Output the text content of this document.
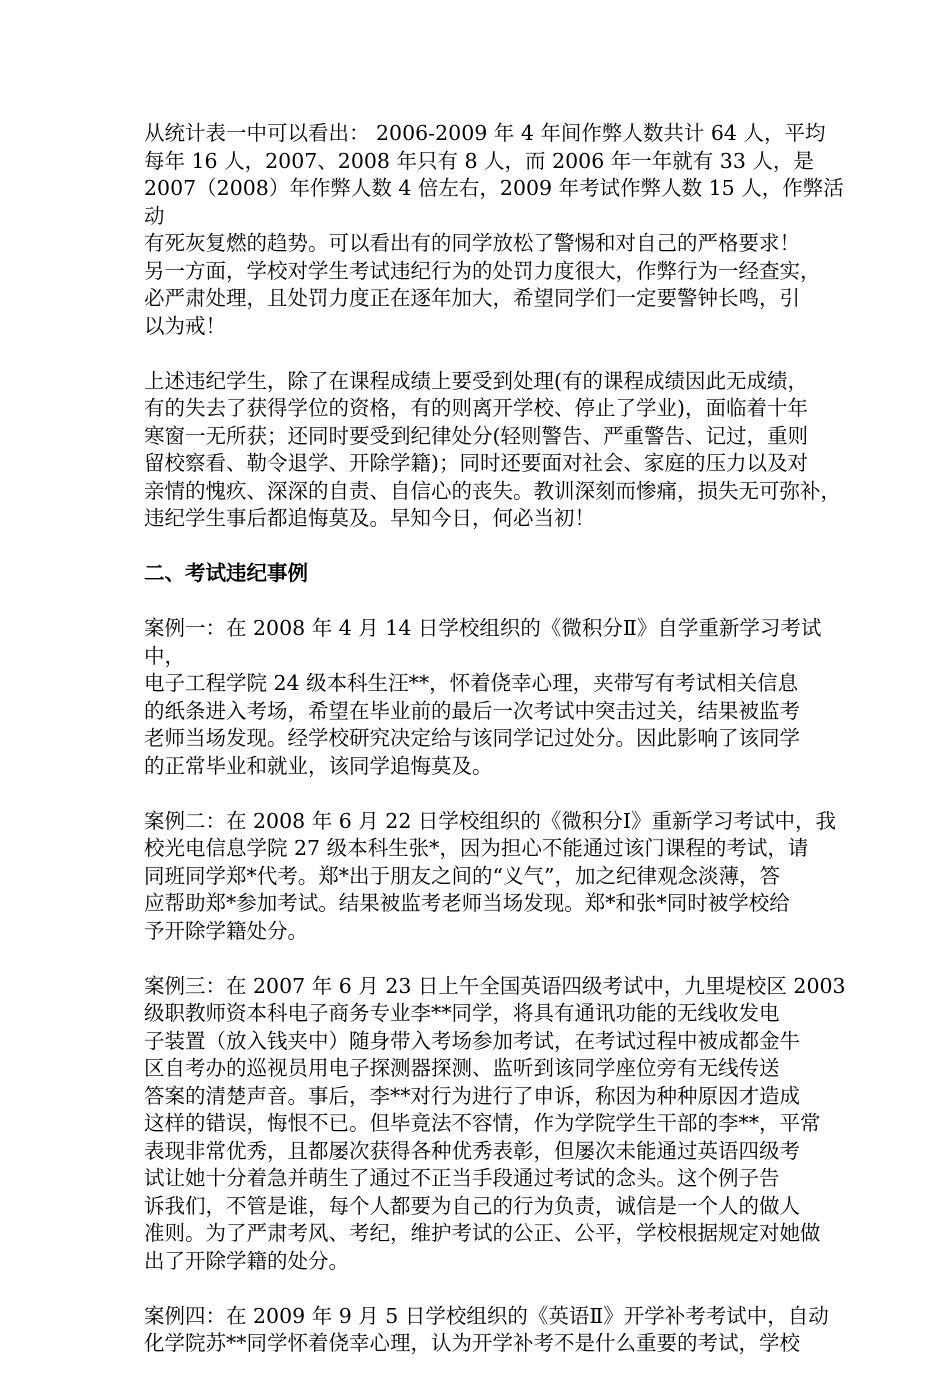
从统计表一中可以看出： 2006-2009 年 4 年间作弊人数共计 64 人，平均
每年 16 人，2007、2008 年只有 8 人，而 2006 年一年就有 33 人，是
2007（2008）年作弊人数 4 倍左右，2009 年考试作弊人数 15 人，作弊活动
有死灰复燃的趋势。可以看出有的同学放松了警惕和对自己的严格要求！
另一方面，学校对学生考试违纪行为的处罚力度很大，作弊行为一经查实，
必严肃处理，且处罚力度正在逐年加大，希望同学们一定要警钟长鸣，引
以为戒！

上述违纪学生，除了在课程成绩上要受到处理(有的课程成绩因此无成绩，
有的失去了获得学位的资格，有的则离开学校、停止了学业)，面临着十年
寒窗一无所获；还同时要受到纪律处分(轻则警告、严重警告、记过，重则
留校察看、勒令退学、开除学籍)；同时还要面对社会、家庭的压力以及对
亲情的愧疚、深深的自责、自信心的丧失。教训深刻而惨痛，损失无可弥补，
违纪学生事后都追悔莫及。早知今日，何必当初！

二、考试违纪事例

案例一：在 2008 年 4 月 14 日学校组织的《微积分Ⅱ》自学重新学习考试中，
电子工程学院 24 级本科生汪**，怀着侥幸心理，夹带写有考试相关信息
的纸条进入考场，希望在毕业前的最后一次考试中突击过关，结果被监考
老师当场发现。经学校研究决定给与该同学记过处分。因此影响了该同学
的正常毕业和就业，该同学追悔莫及。

案例二：在 2008 年 6 月 22 日学校组织的《微积分Ⅰ》重新学习考试中，我
校光电信息学院 27 级本科生张*，因为担心不能通过该门课程的考试，请
同班同学郑*代考。郑*出于朋友之间的“义气”，加之纪律观念淡薄，答
应帮助郑*参加考试。结果被监考老师当场发现。郑*和张*同时被学校给
予开除学籍处分。

案例三：在 2007 年 6 月 23 日上午全国英语四级考试中，九里堤校区 2003
级职教师资本科电子商务专业李**同学，将具有通讯功能的无线收发电
子装置（放入钱夹中）随身带入考场参加考试，在考试过程中被成都金牛
区自考办的巡视员用电子探测器探测、监听到该同学座位旁有无线传送
答案的清楚声音。事后，李**对行为进行了申诉，称因为种种原因才造成
这样的错误，悔恨不已。但毕竟法不容情，作为学院学生干部的李**，平常
表现非常优秀，且都屡次获得各种优秀表彰，但屡次未能通过英语四级考
试让她十分着急并萌生了通过不正当手段通过考试的念头。这个例子告
诉我们，不管是谁，每个人都要为自己的行为负责，诚信是一个人的做人
准则。为了严肃考风、考纪，维护考试的公正、公平，学校根据规定对她做
出了开除学籍的处分。

案例四：在 2009 年 9 月 5 日学校组织的《英语Ⅱ》开学补考考试中，自动
化学院苏**同学怀着侥幸心理，认为开学补考不是什么重要的考试，学校
